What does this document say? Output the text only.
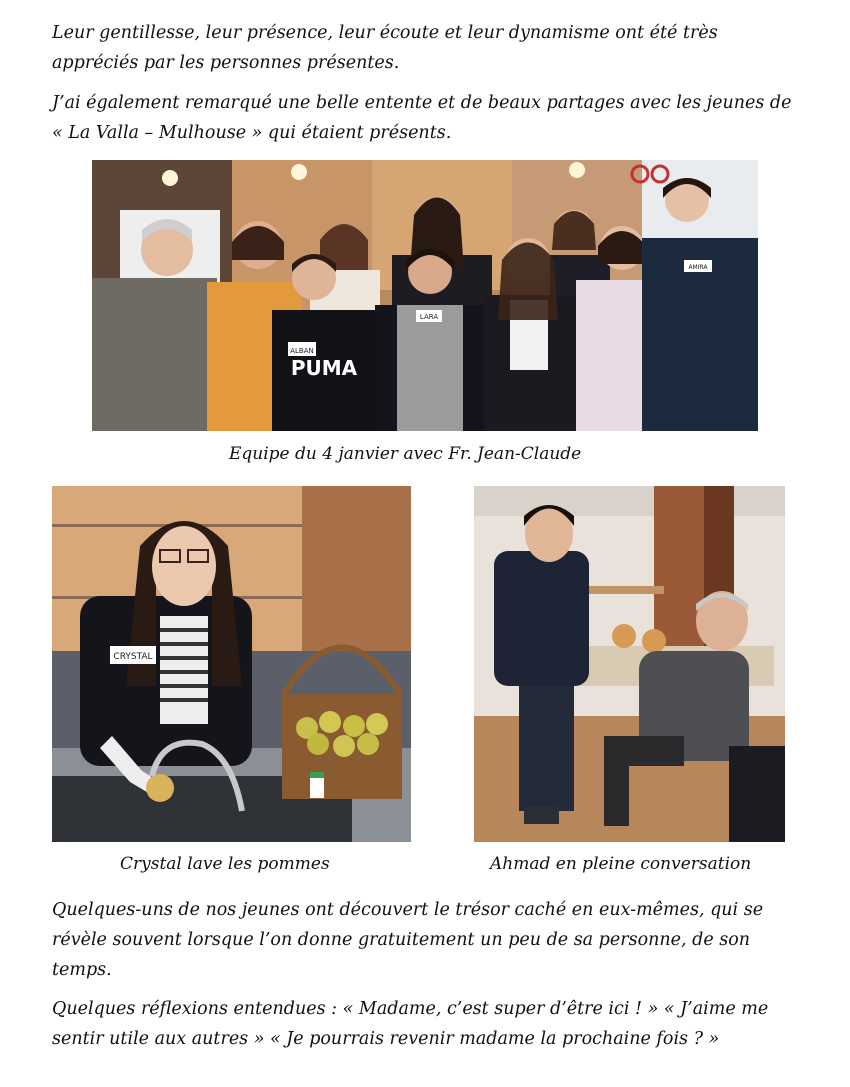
Leur gentillesse, leur présence, leur écoute et leur dynamisme ont été très appréciés par les personnes présentes.

J’ai également remarqué une belle entente et de beaux partages avec les jeunes de « La Valla – Mulhouse » qui étaient présents.

PUMA
ALBAN
LARA
AMIRA

Equipe du 4 janvier avec Fr. Jean-Claude

CRYSTAL

Crystal lave les pommes	Ahmad en pleine conversation

Quelques-uns de nos jeunes ont découvert le trésor caché en eux-mêmes, qui se révèle souvent lorsque l’on donne gratuitement un peu de sa personne, de son temps.

Quelques réflexions entendues : « Madame, c’est super d’être ici ! » « J’aime me sentir utile aux autres » « Je pourrais revenir madame la prochaine fois ? »
